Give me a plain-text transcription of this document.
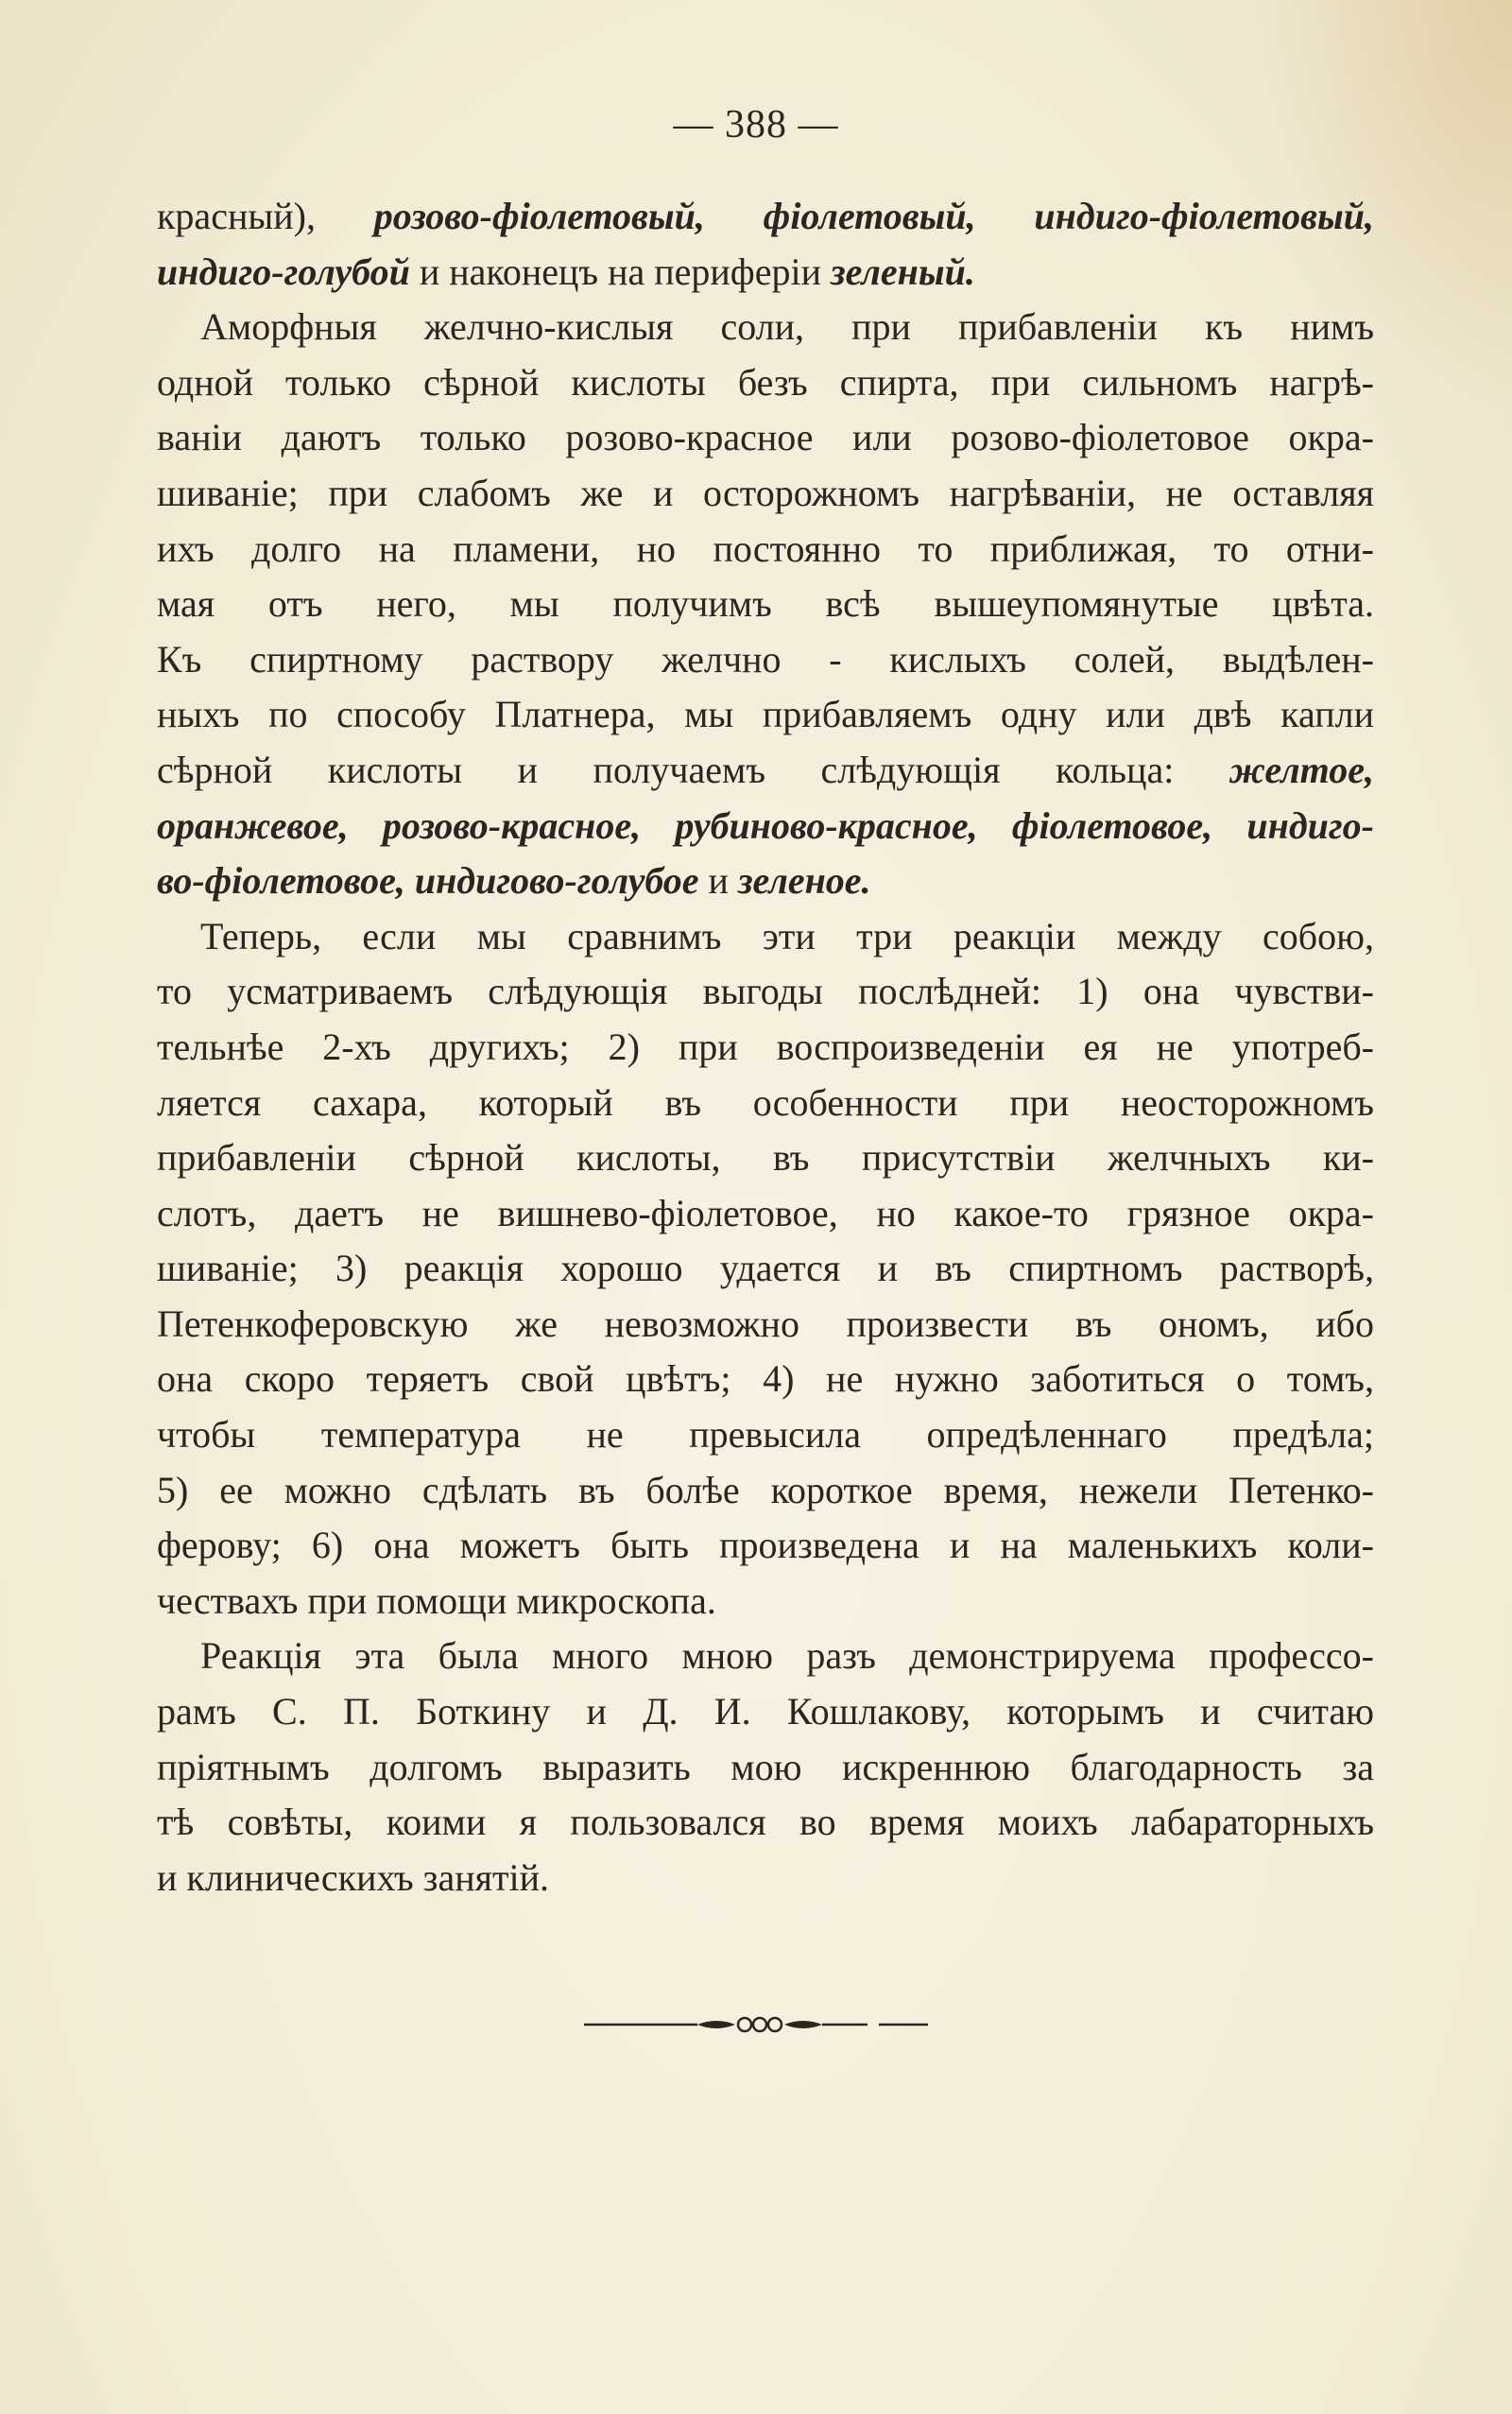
— 388 —
красный), розово-фіолетовый, фіолетовый, индиго-фіолетовый,
индиго-голубой и наконецъ на периферіи зеленый.
Аморфныя желчно-кислыя соли, при прибавленіи къ нимъ
одной только сѣрной кислоты безъ спирта, при сильномъ нагрѣ-
ваніи даютъ только розово-красное или розово-фіолетовое окра-
шиваніе; при слабомъ же и осторожномъ нагрѣваніи, не оставляя
ихъ долго на пламени, но постоянно то приближая, то отни-
мая отъ него, мы получимъ всѣ вышеупомянутые цвѣта.
Къ спиртному раствору желчно - кислыхъ солей, выдѣлен-
ныхъ по способу Платнера, мы прибавляемъ одну или двѣ капли
сѣрной кислоты и получаемъ слѣдующія кольца: желтое,
оранжевое, розово-красное, рубиново-красное, фіолетовое, индиго-
во-фіолетовое, индигово-голубое и зеленое.
Теперь, если мы сравнимъ эти три реакціи между собою,
то усматриваемъ слѣдующія выгоды послѣдней: 1) она чувстви-
тельнѣе 2-хъ другихъ; 2) при воспроизведеніи ея не употреб-
ляется сахара, который въ особенности при неосторожномъ
прибавленіи сѣрной кислоты, въ присутствіи желчныхъ ки-
слотъ, даетъ не вишнево-фіолетовое, но какое-то грязное окра-
шиваніе; 3) реакція хорошо удается и въ спиртномъ растворѣ,
Петенкоферовскую же невозможно произвести въ ономъ, ибо
она скоро теряетъ свой цвѣтъ; 4) не нужно заботиться о томъ,
чтобы температура не превысила опредѣленнаго предѣла;
5) ее можно сдѣлать въ болѣе короткое время, нежели Петенко-
ферову; 6) она можетъ быть произведена и на маленькихъ коли-
чествахъ при помощи микроскопа.
Реакція эта была много мною разъ демонстрируема профессо-
рамъ С. П. Боткину и Д. И. Кошлакову, которымъ и считаю
пріятнымъ долгомъ выразить мою искреннюю благодарность за
тѣ совѣты, коими я пользовался во время моихъ лабараторныхъ
и клиническихъ занятій.
